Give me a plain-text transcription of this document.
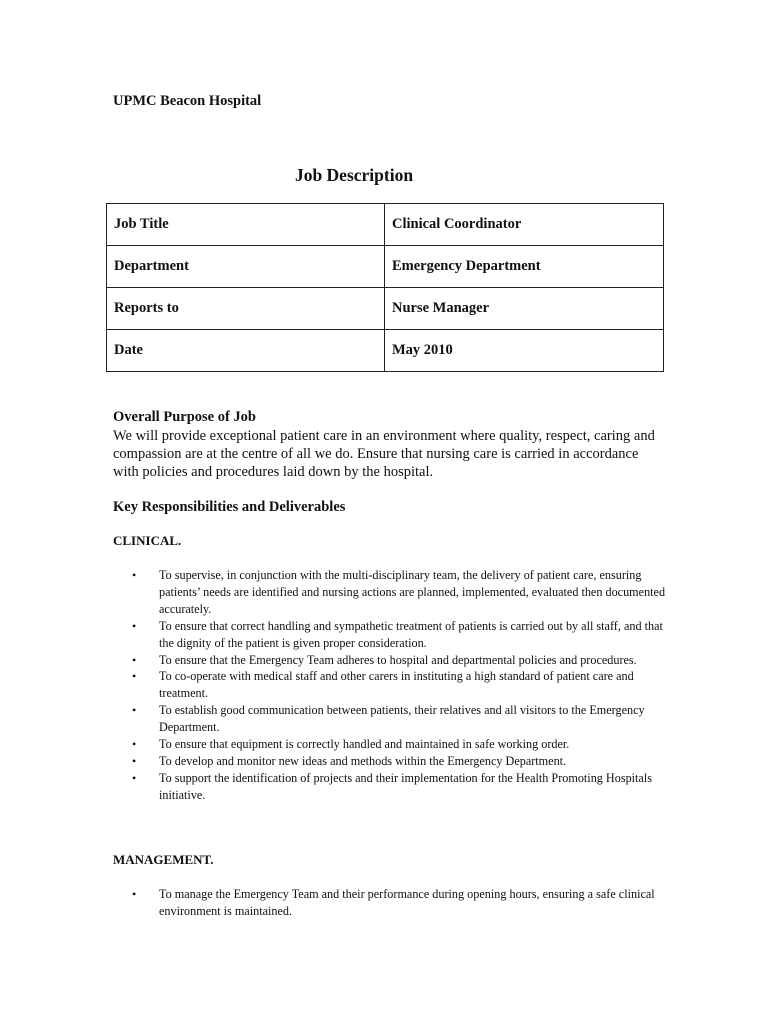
UPMC Beacon Hospital
Job Description
Job Title	Clinical Coordinator
Department	Emergency Department
Reports to	Nurse Manager
Date	May 2010
Overall Purpose of Job
We will provide exceptional patient care in an environment where quality, respect, caring and compassion are at the centre of all we do. Ensure that nursing care is carried in accordance with policies and procedures laid down by the hospital.
Key Responsibilities and Deliverables
CLINICAL.
• To supervise, in conjunction with the multi-disciplinary team, the delivery of patient care, ensuring patients’ needs are identified and nursing actions are planned, implemented, evaluated then documented accurately.
• To ensure that correct handling and sympathetic treatment of patients is carried out by all staff, and that the dignity of the patient is given proper consideration.
• To ensure that the Emergency Team adheres to hospital and departmental policies and procedures.
• To co-operate with medical staff and other carers in instituting a high standard of patient care and treatment.
• To establish good communication between patients, their relatives and all visitors to the Emergency Department.
• To ensure that equipment is correctly handled and maintained in safe working order.
• To develop and monitor new ideas and methods within the Emergency Department.
• To support the identification of projects and their implementation for the Health Promoting Hospitals initiative.
MANAGEMENT.
• To manage the Emergency Team and their performance during opening hours, ensuring a safe clinical environment is maintained.
